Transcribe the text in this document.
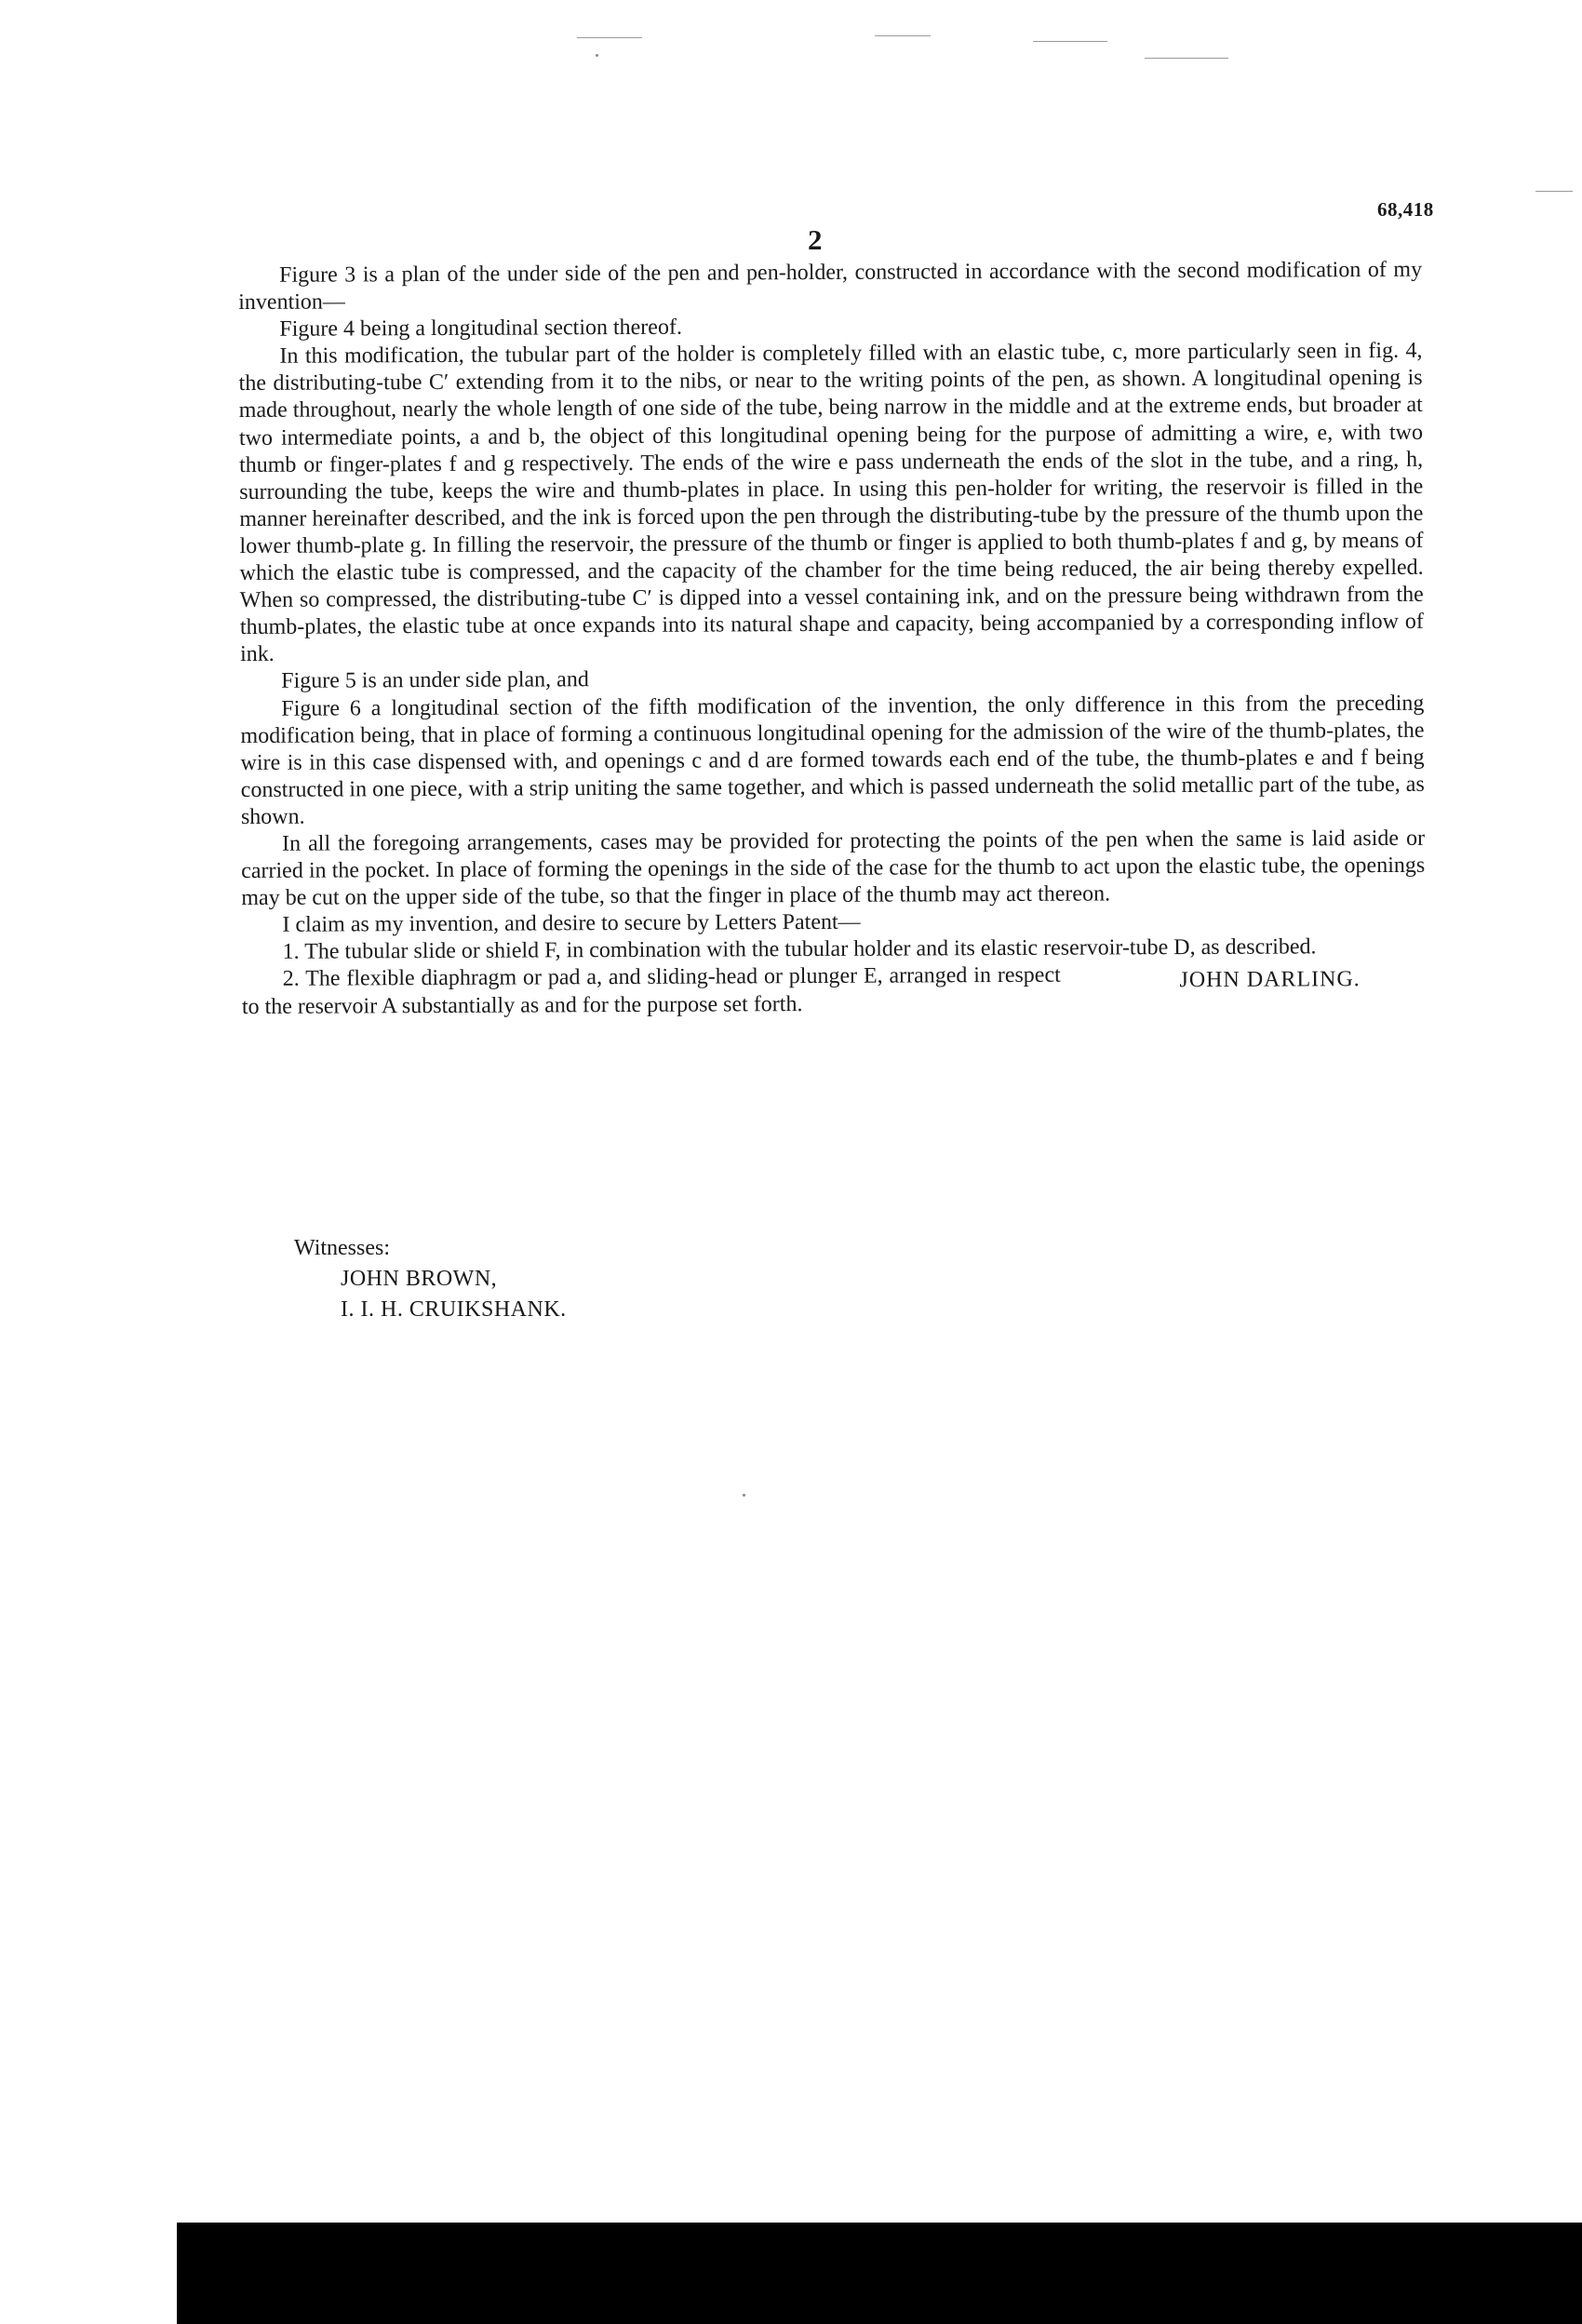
68,418
2

Figure 3 is a plan of the under side of the pen and pen-holder, constructed in accordance with the second modification of my invention—

Figure 4 being a longitudinal section thereof.

In this modification, the tubular part of the holder is completely filled with an elastic tube, c, more particularly seen in fig. 4, the distributing-tube C′ extending from it to the nibs, or near to the writing points of the pen, as shown. A longitudinal opening is made throughout, nearly the whole length of one side of the tube, being narrow in the middle and at the extreme ends, but broader at two intermediate points, a and b, the object of this longitudinal opening being for the purpose of admitting a wire, e, with two thumb or finger-plates f and g respectively. The ends of the wire e pass underneath the ends of the slot in the tube, and a ring, h, surrounding the tube, keeps the wire and thumb-plates in place. In using this pen-holder for writing, the reservoir is filled in the manner hereinafter described, and the ink is forced upon the pen through the distributing-tube by the pressure of the thumb upon the lower thumb-plate g. In filling the reservoir, the pressure of the thumb or finger is applied to both thumb-plates f and g, by means of which the elastic tube is compressed, and the capacity of the chamber for the time being reduced, the air being thereby expelled. When so compressed, the distributing-tube C′ is dipped into a vessel containing ink, and on the pressure being withdrawn from the thumb-plates, the elastic tube at once expands into its natural shape and capacity, being accompanied by a corresponding inflow of ink.

Figure 5 is an under side plan, and

Figure 6 a longitudinal section of the fifth modification of the invention, the only difference in this from the preceding modification being, that in place of forming a continuous longitudinal opening for the admission of the wire of the thumb-plates, the wire is in this case dispensed with, and openings c and d are formed towards each end of the tube, the thumb-plates e and f being constructed in one piece, with a strip uniting the same together, and which is passed underneath the solid metallic part of the tube, as shown.

In all the foregoing arrangements, cases may be provided for protecting the points of the pen when the same is laid aside or carried in the pocket. In place of forming the openings in the side of the case for the thumb to act upon the elastic tube, the openings may be cut on the upper side of the tube, so that the finger in place of the thumb may act thereon.

I claim as my invention, and desire to secure by Letters Patent—

1. The tubular slide or shield F, in combination with the tubular holder and its elastic reservoir-tube D, as described.

2. The flexible diaphragm or pad a, and sliding-head or plunger E, arranged in respect to the reservoir A substantially as and for the purpose set forth.
JOHN DARLING.
Witnesses:
JOHN BROWN,
I. I. H. CRUIKSHANK.
